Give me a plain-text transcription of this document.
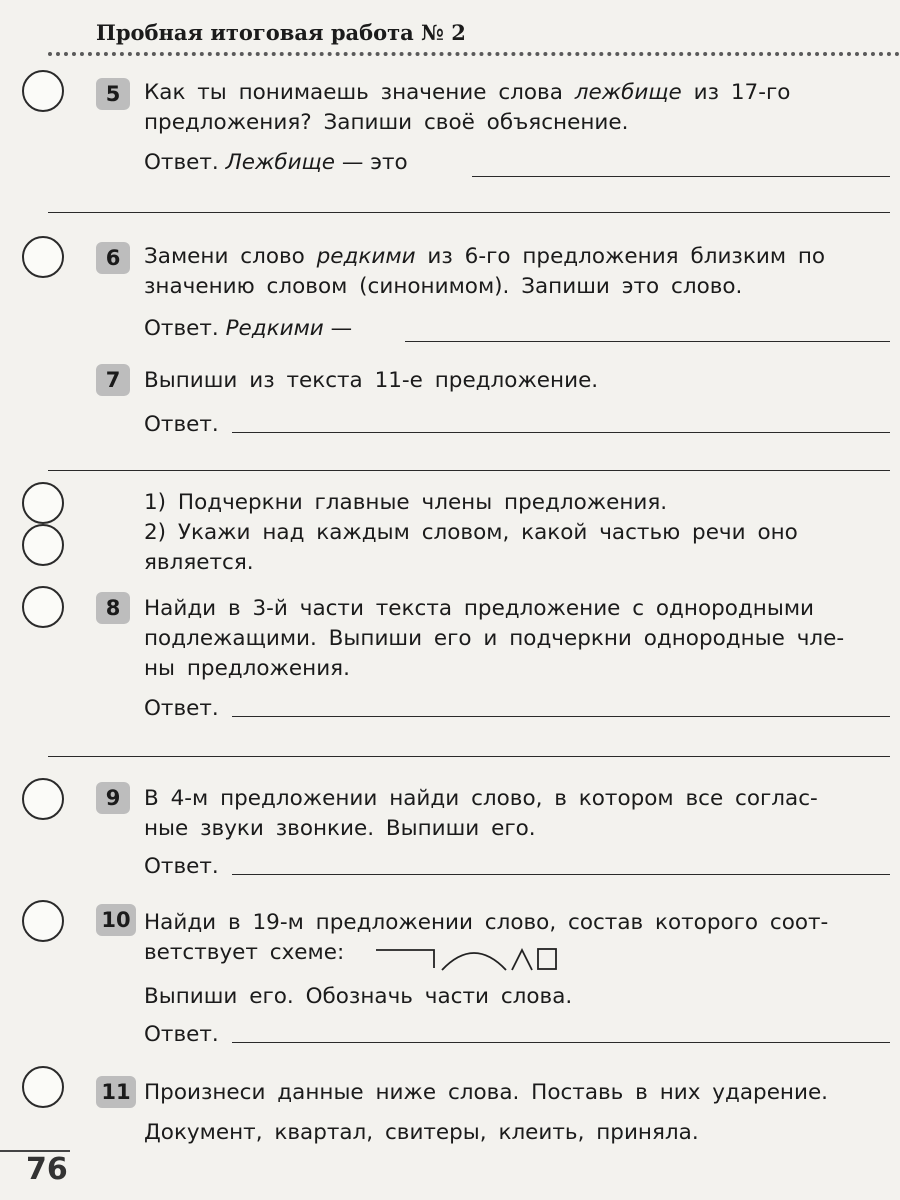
Пробная итоговая работа № 2
5	Как ты понимаешь значение слова лежбище из 17-го
предложения? Запиши своё объяснение.
Ответ. Лежбище — это
6	Замени слово редкими из 6-го предложения близким по
значению словом (синонимом). Запиши это слово.
Ответ. Редкими —
7	Выпиши из текста 11-е предложение.
Ответ.
1) Подчеркни главные члены предложения.
2) Укажи над каждым словом, какой частью речи оно
является.
8	Найди в 3-й части текста предложение с однородными
подлежащими. Выпиши его и подчеркни однородные чле-
ны предложения.
Ответ.
9	В 4-м предложении найди слово, в котором все соглас-
ные звуки звонкие. Выпиши его.
Ответ.
10 Найди в 19-м предложении слово, состав которого соот-
ветствует схеме:
Выпиши его. Обозначь части слова.
Ответ.
11 Произнеси данные ниже слова. Поставь в них ударение.
Документ, квартал, свитеры, клеить, приняла.
76
